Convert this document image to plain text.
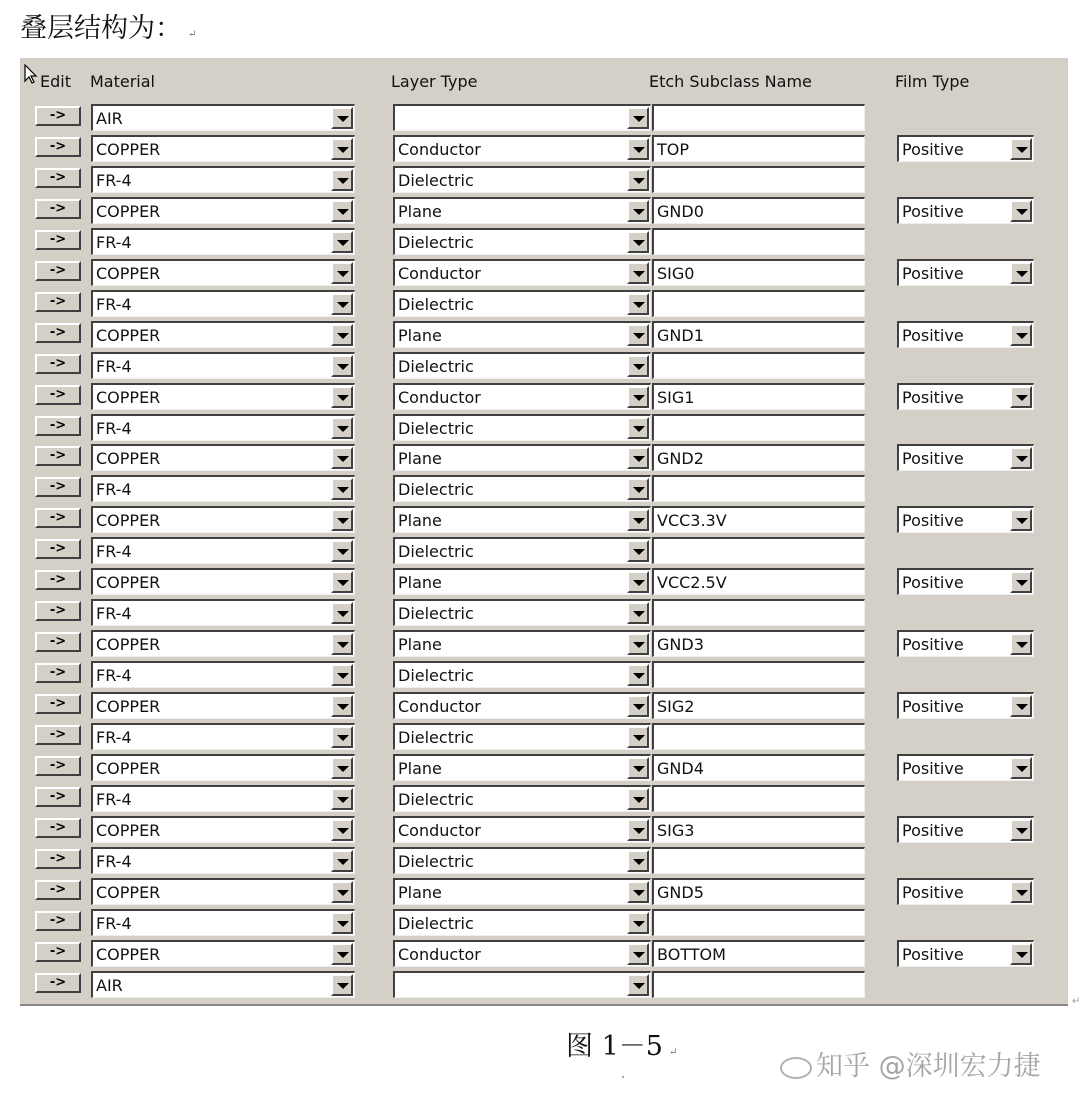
叠层结构为： ↵
Edit Material	Layer Type	Etch Subclass Name	Film Type
->	AIR
->	COPPER	Conductor	TOP	Positive
->	FR-4	Dielectric
->	COPPER	Plane	GND0	Positive
->	FR-4	Dielectric
->	COPPER	Conductor	SIG0	Positive
->	FR-4	Dielectric
->	COPPER	Plane	GND1	Positive
->	FR-4	Dielectric
->	COPPER	Conductor	SIG1	Positive
->	FR-4	Dielectric
->	COPPER	Plane	GND2	Positive
->	FR-4	Dielectric
->	COPPER	Plane	VCC3.3V	Positive
->	FR-4	Dielectric
->	COPPER	Plane	VCC2.5V	Positive
->	FR-4	Dielectric
->	COPPER	Plane	GND3	Positive
->	FR-4	Dielectric
->	COPPER	Conductor	SIG2	Positive
->	FR-4	Dielectric
->	COPPER	Plane	GND4	Positive
->	FR-4	Dielectric
->	COPPER	Conductor	SIG3	Positive
->	FR-4	Dielectric
->	COPPER	Plane	GND5	Positive
->	FR-4	Dielectric
->	COPPER	Conductor	BOTTOM	Positive
->	AIR
图 1－5 ↵	知乎 @深圳宏力捷
↵
